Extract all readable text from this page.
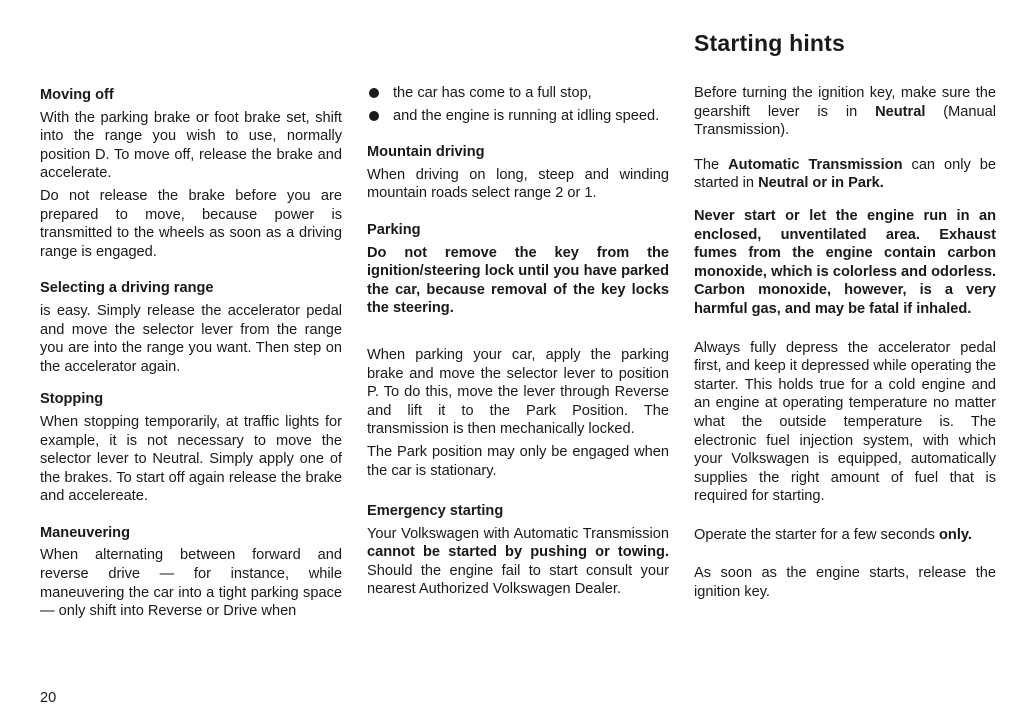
Starting hints
Moving off

With the parking brake or foot brake set, shift into the range you wish to use, normally position D. To move off, release the brake and accelerate.

Do not release the brake before you are prepared to move, because power is transmitted to the wheels as soon as a driving range is engaged.

Selecting a driving range

is easy. Simply release the accelerator pedal and move the selector lever from the range you are into the range you want. Then step on the accelerator again.

Stopping

When stopping temporarily, at traffic lights for example, it is not necessary to move the selector lever to Neutral. Simply apply one of the brakes. To start off again release the brake and accelereate.

Maneuvering

When alternating between forward and reverse drive — for instance, while maneuvering the car into a tight parking space — only shift into Reverse or Drive when

the car has come to a full stop,
and the engine is running at idling speed.
Mountain driving

When driving on long, steep and winding mountain roads select range 2 or 1.

Parking

Do not remove the key from the ignition/steering lock until you have parked the car, because removal of the key locks the steering.

When parking your car, apply the parking brake and move the selector lever to position P. To do this, move the lever through Reverse and lift it to the Park Position. The transmission is then mechanically locked.

The Park position may only be engaged when the car is stationary.

Emergency starting

Your Volkswagen with Automatic Transmission cannot be started by pushing or towing. Should the engine fail to start consult your nearest Authorized Volkswagen Dealer.

Before turning the ignition key, make sure the gearshift lever is in Neutral (Manual Transmission).

The Automatic Transmission can only be started in Neutral or in Park.

Never start or let the engine run in an enclosed, unventilated area. Exhaust fumes from the engine contain carbon monoxide, which is colorless and odorless. Carbon monoxide, however, is a very harmful gas, and may be fatal if inhaled.

Always fully depress the accelerator pedal first, and keep it depressed while operating the starter. This holds true for a cold engine and an engine at operating temperature no matter what the outside temperature is. The electronic fuel injection system, with which your Volkswagen is equipped, automatically supplies the right amount of fuel that is required for starting.

Operate the starter for a few seconds only.

As soon as the engine starts, release the ignition key.

20
